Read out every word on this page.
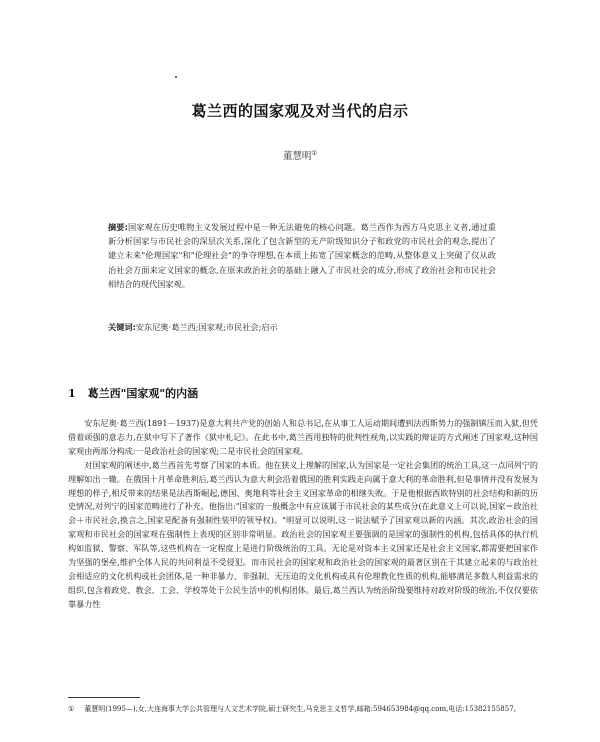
葛兰西的国家观及对当代的启示
董慧明①
摘要:国家观在历史唯物主义发展过程中是一种无法避免的核心问题。葛兰西作为西方马克思主义者,通过重新分析国家与市民社会的深层次关系,深化了包含新型的无产阶级知识分子和政党的市民社会的观念,提出了建立未来"伦理国家"和"伦理社会"的争夺理想,在本质上拓宽了国家概念的范畴,从整体意义上突破了仅从政治社会方面来定义国家的概念,在原来政治社会的基础上融入了市民社会的成分,形成了政治社会和市民社会相结合的现代国家观。
关键词:安东尼奥·葛兰西;国家观;市民社会;启示
1 葛兰西"国家观"的内涵

安东尼奥·葛兰西(1891－1937)是意大利共产党的创始人和总书记,在从事工人运动期间遭到法西斯势力的强制镇压而入狱,但凭借着顽强的意志力,在狱中写下了著作《狱中札记》。在此书中,葛兰西用独特的批判性视角,以实践的辩证的方式阐述了国家观,这种国家观由两部分构成:一是政治社会的国家观;二是市民社会的国家观。

对国家观的阐述中,葛兰西首先考察了国家的本质。他在狭义上理解的国家,认为国家是一定社会集团的统治工具,这一点同列宁的理解如出一辙。在俄国十月革命胜利后,葛兰西认为意大利会沿着俄国的胜利实践走向属于意大利的革命胜利,但是事情并没有发展为理想的样子,相反带来的结果是法西斯崛起,德国、奥地利等社会主义国家革命的相继失败。于是他根据西欧特别的社会结构和新的历史情况,对列宁的国家范畴进行了补充。他指出:"国家的一般概念中有应该属于市民社会的某些成分(在此意义上可以说,国家＝政治社会＋市民社会,换言之,国家是配备有强制性装甲的领导权)。"明显可以说明,这一说法赋予了国家观以新的内涵。其次,政治社会的国家观和市民社会的国家观在强制性上表现的区别非常明显。政治社会的国家观主要强调的是国家的强制性的机构,包括具体的执行机构如监狱、警察、军队等,这些机构在一定程度上是进行阶级统治的工具。无论是对资本主义国家还是社会主义国家,都需要把国家作为坚强的堡垒,维护全体人民的共同利益不受侵犯。而市民社会的国家观和政治社会的国家观的最著区别在于其建立起来的与政治社会相适应的文化机构或社会团体,是一种非暴力、非强制、无压迫的文化机构或具有伦理教化性质的机构,能够满足多数人利益需求的组织,包含着政党、教会、工会、学校等处于公民生活中的机构团体。最后,葛兰西认为统治阶级要维持对政对阶级的统治,不仅仅要依靠暴力性

① 董慧明(1995—),女,大连海事大学公共管理与人文艺术学院,硕士研究生,马克思主义哲学,邮箱:594653984@qq.com,电话:15382155857。
